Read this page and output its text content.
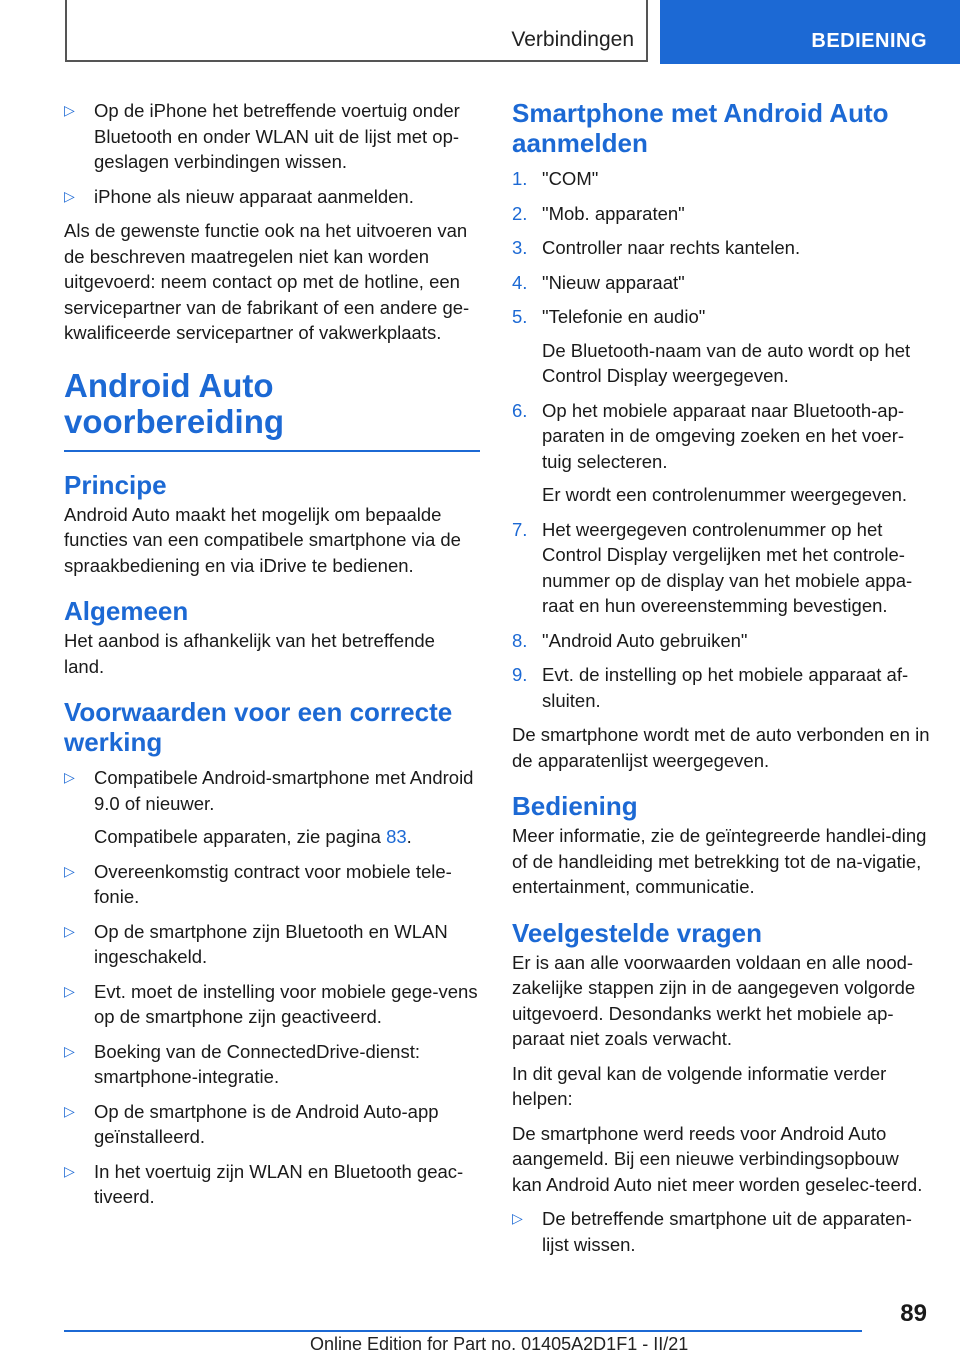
Verbindingen	BEDIENING
▷ Op de iPhone het betreffende voertuig onder Bluetooth en onder WLAN uit de lijst met op-geslagen verbindingen wissen.
▷ iPhone als nieuw apparaat aanmelden.

Als de gewenste functie ook na het uitvoeren van de beschreven maatregelen niet kan worden uitgevoerd: neem contact op met de hotline, een servicepartner van de fabrikant of een andere ge-kwalificeerde servicepartner of vakwerkplaats.

Android Auto voorbereiding
Principe

Android Auto maakt het mogelijk om bepaalde functies van een compatibele smartphone via de spraakbediening en via iDrive te bedienen.

Algemeen

Het aanbod is afhankelijk van het betreffende land.

Voorwaarden voor een correcte werking
▷ Compatibele Android-smartphone met Android 9.0 of nieuwer.
Compatibele apparaten, zie pagina 83.
▷ Overeenkomstig contract voor mobiele tele-fonie.
▷ Op de smartphone zijn Bluetooth en WLAN ingeschakeld.
▷ Evt. moet de instelling voor mobiele gege-vens op de smartphone zijn geactiveerd.
▷ Boeking van de ConnectedDrive-dienst: smartphone-integratie.
▷ Op de smartphone is de Android Auto-app geïnstalleerd.
▷ In het voertuig zijn WLAN en Bluetooth geac-tiveerd.
Smartphone met Android Auto aanmelden
1. "COM"
2. "Mob. apparaten"
3. Controller naar rechts kantelen.
4. "Nieuw apparaat"
5. "Telefonie en audio"
De Bluetooth-naam van de auto wordt op het Control Display weergegeven.
6. Op het mobiele apparaat naar Bluetooth-ap-paraten in de omgeving zoeken en het voer-tuig selecteren.
Er wordt een controlenummer weergegeven.
7. Het weergegeven controlenummer op het Control Display vergelijken met het controle-nummer op de display van het mobiele appa-raat en hun overeenstemming bevestigen.
8. "Android Auto gebruiken"
9. Evt. de instelling op het mobiele apparaat af-sluiten.

De smartphone wordt met de auto verbonden en in de apparatenlijst weergegeven.

Bediening

Meer informatie, zie de geïntegreerde handlei-ding of de handleiding met betrekking tot de na-vigatie, entertainment, communicatie.

Veelgestelde vragen

Er is aan alle voorwaarden voldaan en alle nood-zakelijke stappen zijn in de aangegeven volgorde uitgevoerd. Desondanks werkt het mobiele ap-paraat niet zoals verwacht.

In dit geval kan de volgende informatie verder helpen:

De smartphone werd reeds voor Android Auto aangemeld. Bij een nieuwe verbindingsopbouw kan Android Auto niet meer worden geselec-teerd.

▷ De betreffende smartphone uit de apparaten-lijst wissen.
89
Online Edition for Part no. 01405A2D1F1 - II/21
